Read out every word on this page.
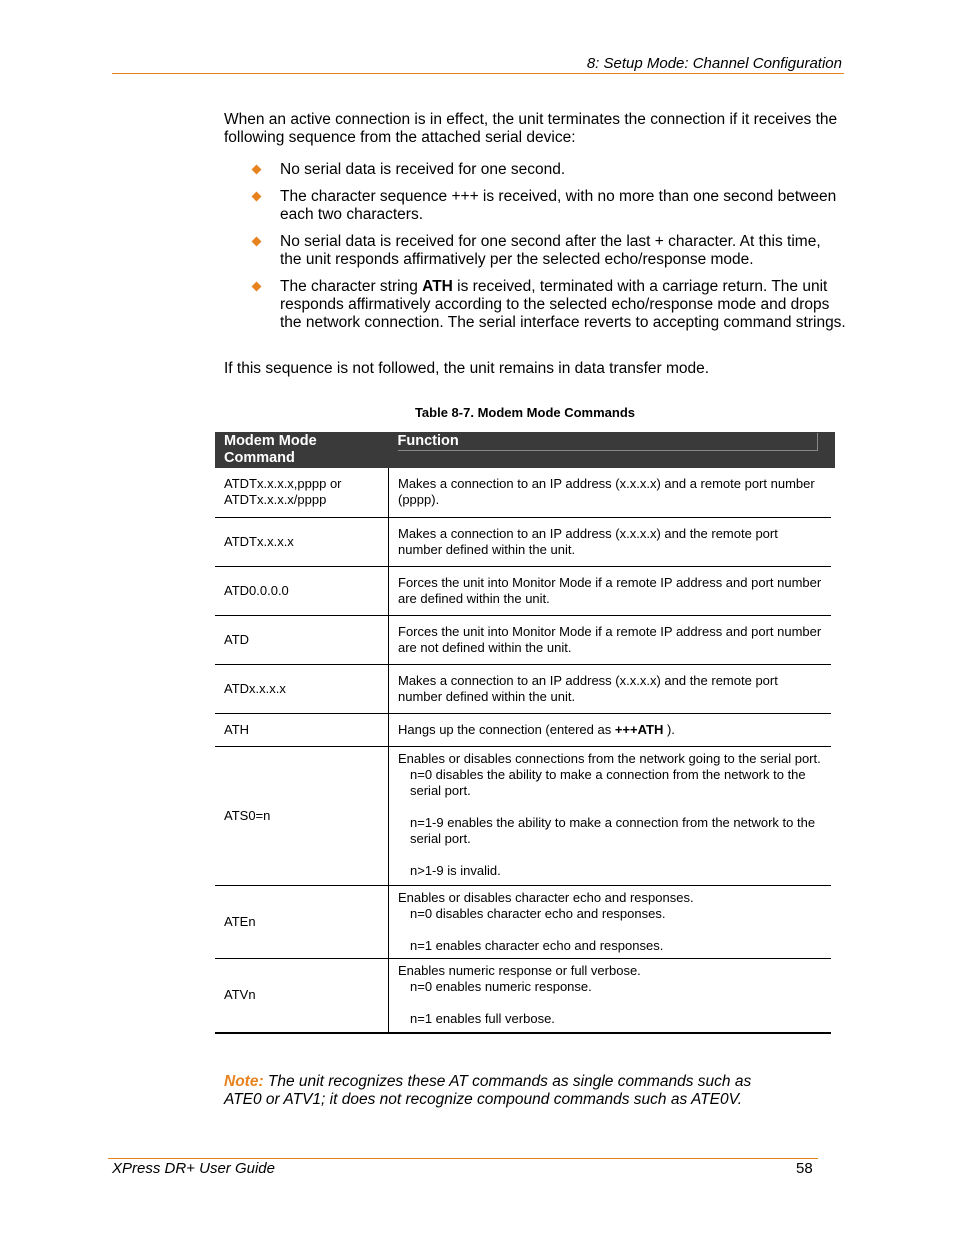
8: Setup Mode: Channel Configuration

When an active connection is in effect, the unit terminates the connection if it receives the following sequence from the attached serial device:

No serial data is received for one second.
The character sequence +++ is received, with no more than one second between each two characters.
No serial data is received for one second after the last + character. At this time, the unit responds affirmatively per the selected echo/response mode.
The character string ATH is received, terminated with a carriage return. The unit responds affirmatively according to the selected echo/response mode and drops the network connection. The serial interface reverts to accepting command strings.

If this sequence is not followed, the unit remains in data transfer mode.

Table 8-7. Modem Mode Commands
Modem Mode Command	Function

ATDTx.x.x.x,pppp or
ATDTx.x.x.x/pppp	Makes a connection to an IP address (x.x.x.x) and a remote port number (pppp).
ATDTx.x.x.x	Makes a connection to an IP address (x.x.x.x) and the remote port number defined within the unit.
ATD0.0.0.0	Forces the unit into Monitor Mode if a remote IP address and port number are defined within the unit.
ATD	Forces the unit into Monitor Mode if a remote IP address and port number are not defined within the unit.
ATDx.x.x.x	Makes a connection to an IP address (x.x.x.x) and the remote port number defined within the unit.
ATH	Hangs up the connection (entered as +++ATH ).
ATS0=n	Enables or disables connections from the network going to the serial port.
n=0 disables the ability to make a connection from the network to the serial port.
n=1-9 enables the ability to make a connection from the network to the serial port.
n>1-9 is invalid.

ATEn	Enables or disables character echo and responses.
n=0 disables character echo and responses.
n=1 enables character echo and responses.

ATVn	Enables numeric response or full verbose.
n=0 enables numeric response.
n=1 enables full verbose.

Note: The unit recognizes these AT commands as single commands such as ATE0 or ATV1; it does not recognize compound commands such as ATE0V.

XPress DR+ User Guide	58
